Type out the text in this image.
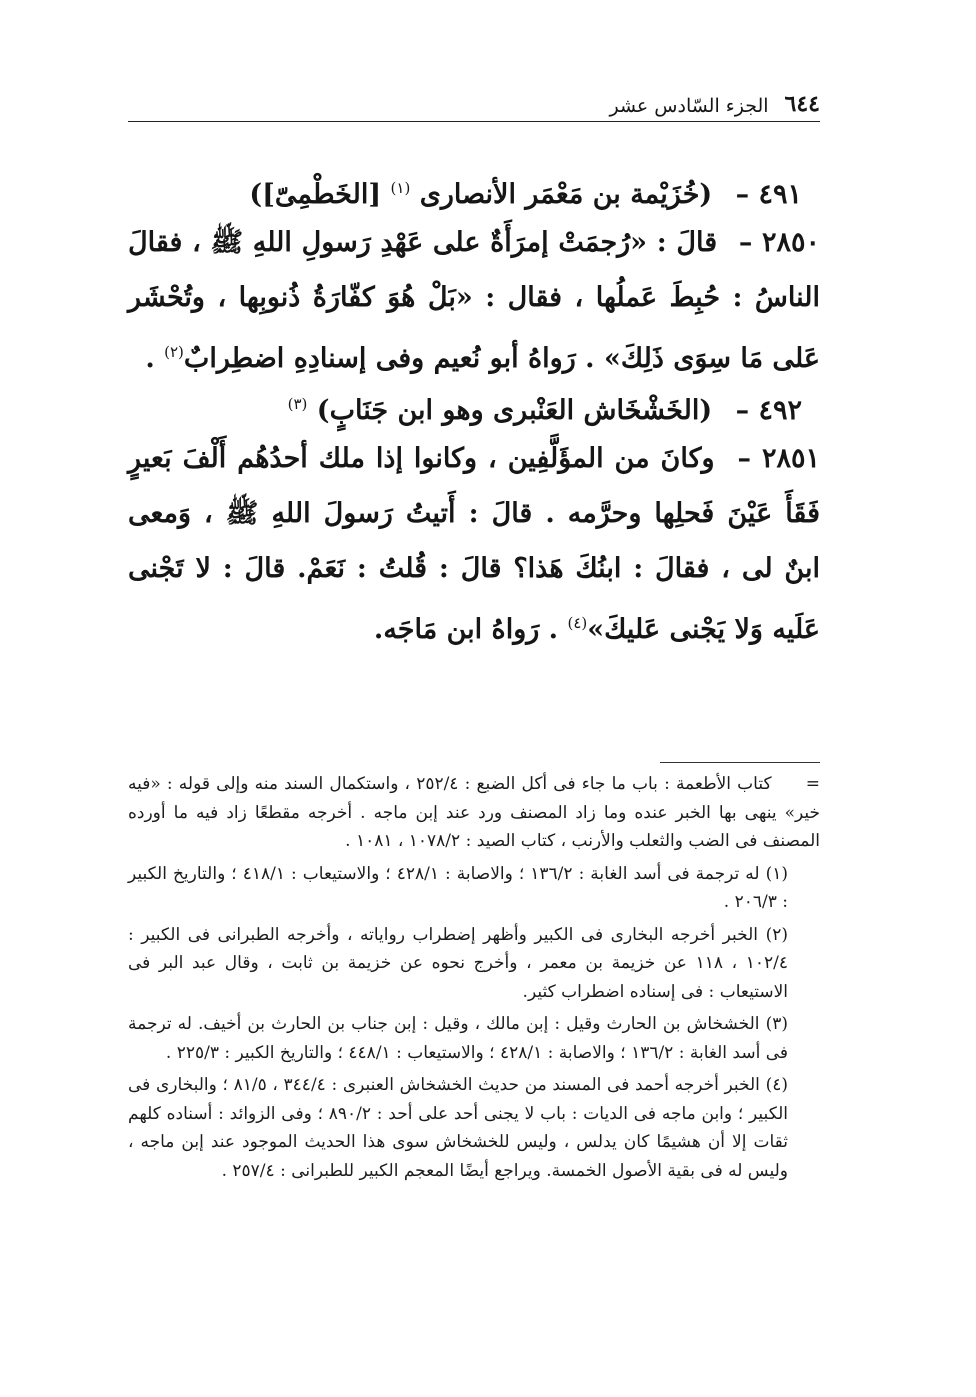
٦٤٤
الجزء السّادس عشر
٤٩١ – (خُزَيْمة بن مَعْمَر الأنصارى $^{(١)}$ [الخَطْمِىّ])
٢٨٥٠ – قالَ : «رُجمَتْ إمرَأَةٌ على عَهْدِ رَسولِ اللهِ ﷺ ، فقالَ الناسُ : حُبِطَ عَملُها ، فقال : «بَلْ هُوَ كفّارَةُ ذُنوبِها ، وتُحْشَر عَلى مَا سِوَى ذَلِكَ» . رَواهُ أبو نُعيم وفى إسنادِهِ اضطِرابٌ$^{(٢)}$ .
٤٩٢ – (الخَشْخَاش العَنْبرى وهو ابن جَنَابٍ) $^{(٣)}$
٢٨٥١ – وكانَ من المؤَلَّفِين ، وكانوا إذا ملك أحدُهُم أَلْفَ بَعيرٍ فَقَأَ عَيْنَ فَحلِها وحرَّمه . قالَ : أَتيتُ رَسولَ اللهِ ﷺ ، وَمعى ابنٌ لى ، فقالَ : ابنُكَ هَذا؟ قالَ : قُلتُ : نَعَمْ. قالَ : لا تَجْنى عَلَيه وَلا يَجْنى عَليكَ»$^{(٤)}$ . رَواهُ ابن مَاجَه.

= كتاب الأطعمة : باب ما جاء فى أكل الضبع : ٢٥٢/٤ ، واستكمال السند منه وإلى قوله : «فيه خير» ينهى بها الخبر عنده وما زاد المصنف ورد عند إبن ماجه . أخرجه مقطعًا زاد فيه ما أورده المصنف فى الضب والثعلب والأرنب ، كتاب الصيد : ١٠٧٨/٢ ، ١٠٨١ .

(١) له ترجمة فى أسد الغابة : ١٣٦/٢ ؛ والاصابة : ٤٢٨/١ ؛ والاستيعاب : ٤١٨/١ ؛ والتاريخ الكبير : ٢٠٦/٣ .

(٢) الخبر أخرجه البخارى فى الكبير وأظهر إضطراب رواياته ، وأخرجه الطبرانى فى الكبير : ١٠٢/٤ ، ١١٨ عن خزيمة بن معمر ، وأخرج نحوه عن خزيمة بن ثابت ، وقال عبد البر فى الاستيعاب : فى إسناده اضطراب كثير.

(٣) الخشخاش بن الحارث وقيل : إبن مالك ، وقيل : إبن جناب بن الحارث بن أخيف. له ترجمة فى أسد الغابة : ١٣٦/٢ ؛ والاصابة : ٤٢٨/١ ؛ والاستيعاب : ٤٤٨/١ ؛ والتاريخ الكبير : ٢٢٥/٣ .

(٤) الخبر أخرجه أحمد فى المسند من حديث الخشخاش العنبرى : ٣٤٤/٤ ، ٨١/٥ ؛ والبخارى فى الكبير ؛ وابن ماجه فى الديات : باب لا يجنى أحد على أحد : ٨٩٠/٢ ؛ وفى الزوائد : أسناده كلهم ثقات إلا أن هشيمًا كان يدلس ، وليس للخشخاش سوى هذا الحديث الموجود عند إبن ماجه ، وليس له فى بقية الأصول الخمسة. ويراجع أيضًا المعجم الكبير للطبرانى : ٢٥٧/٤ .
